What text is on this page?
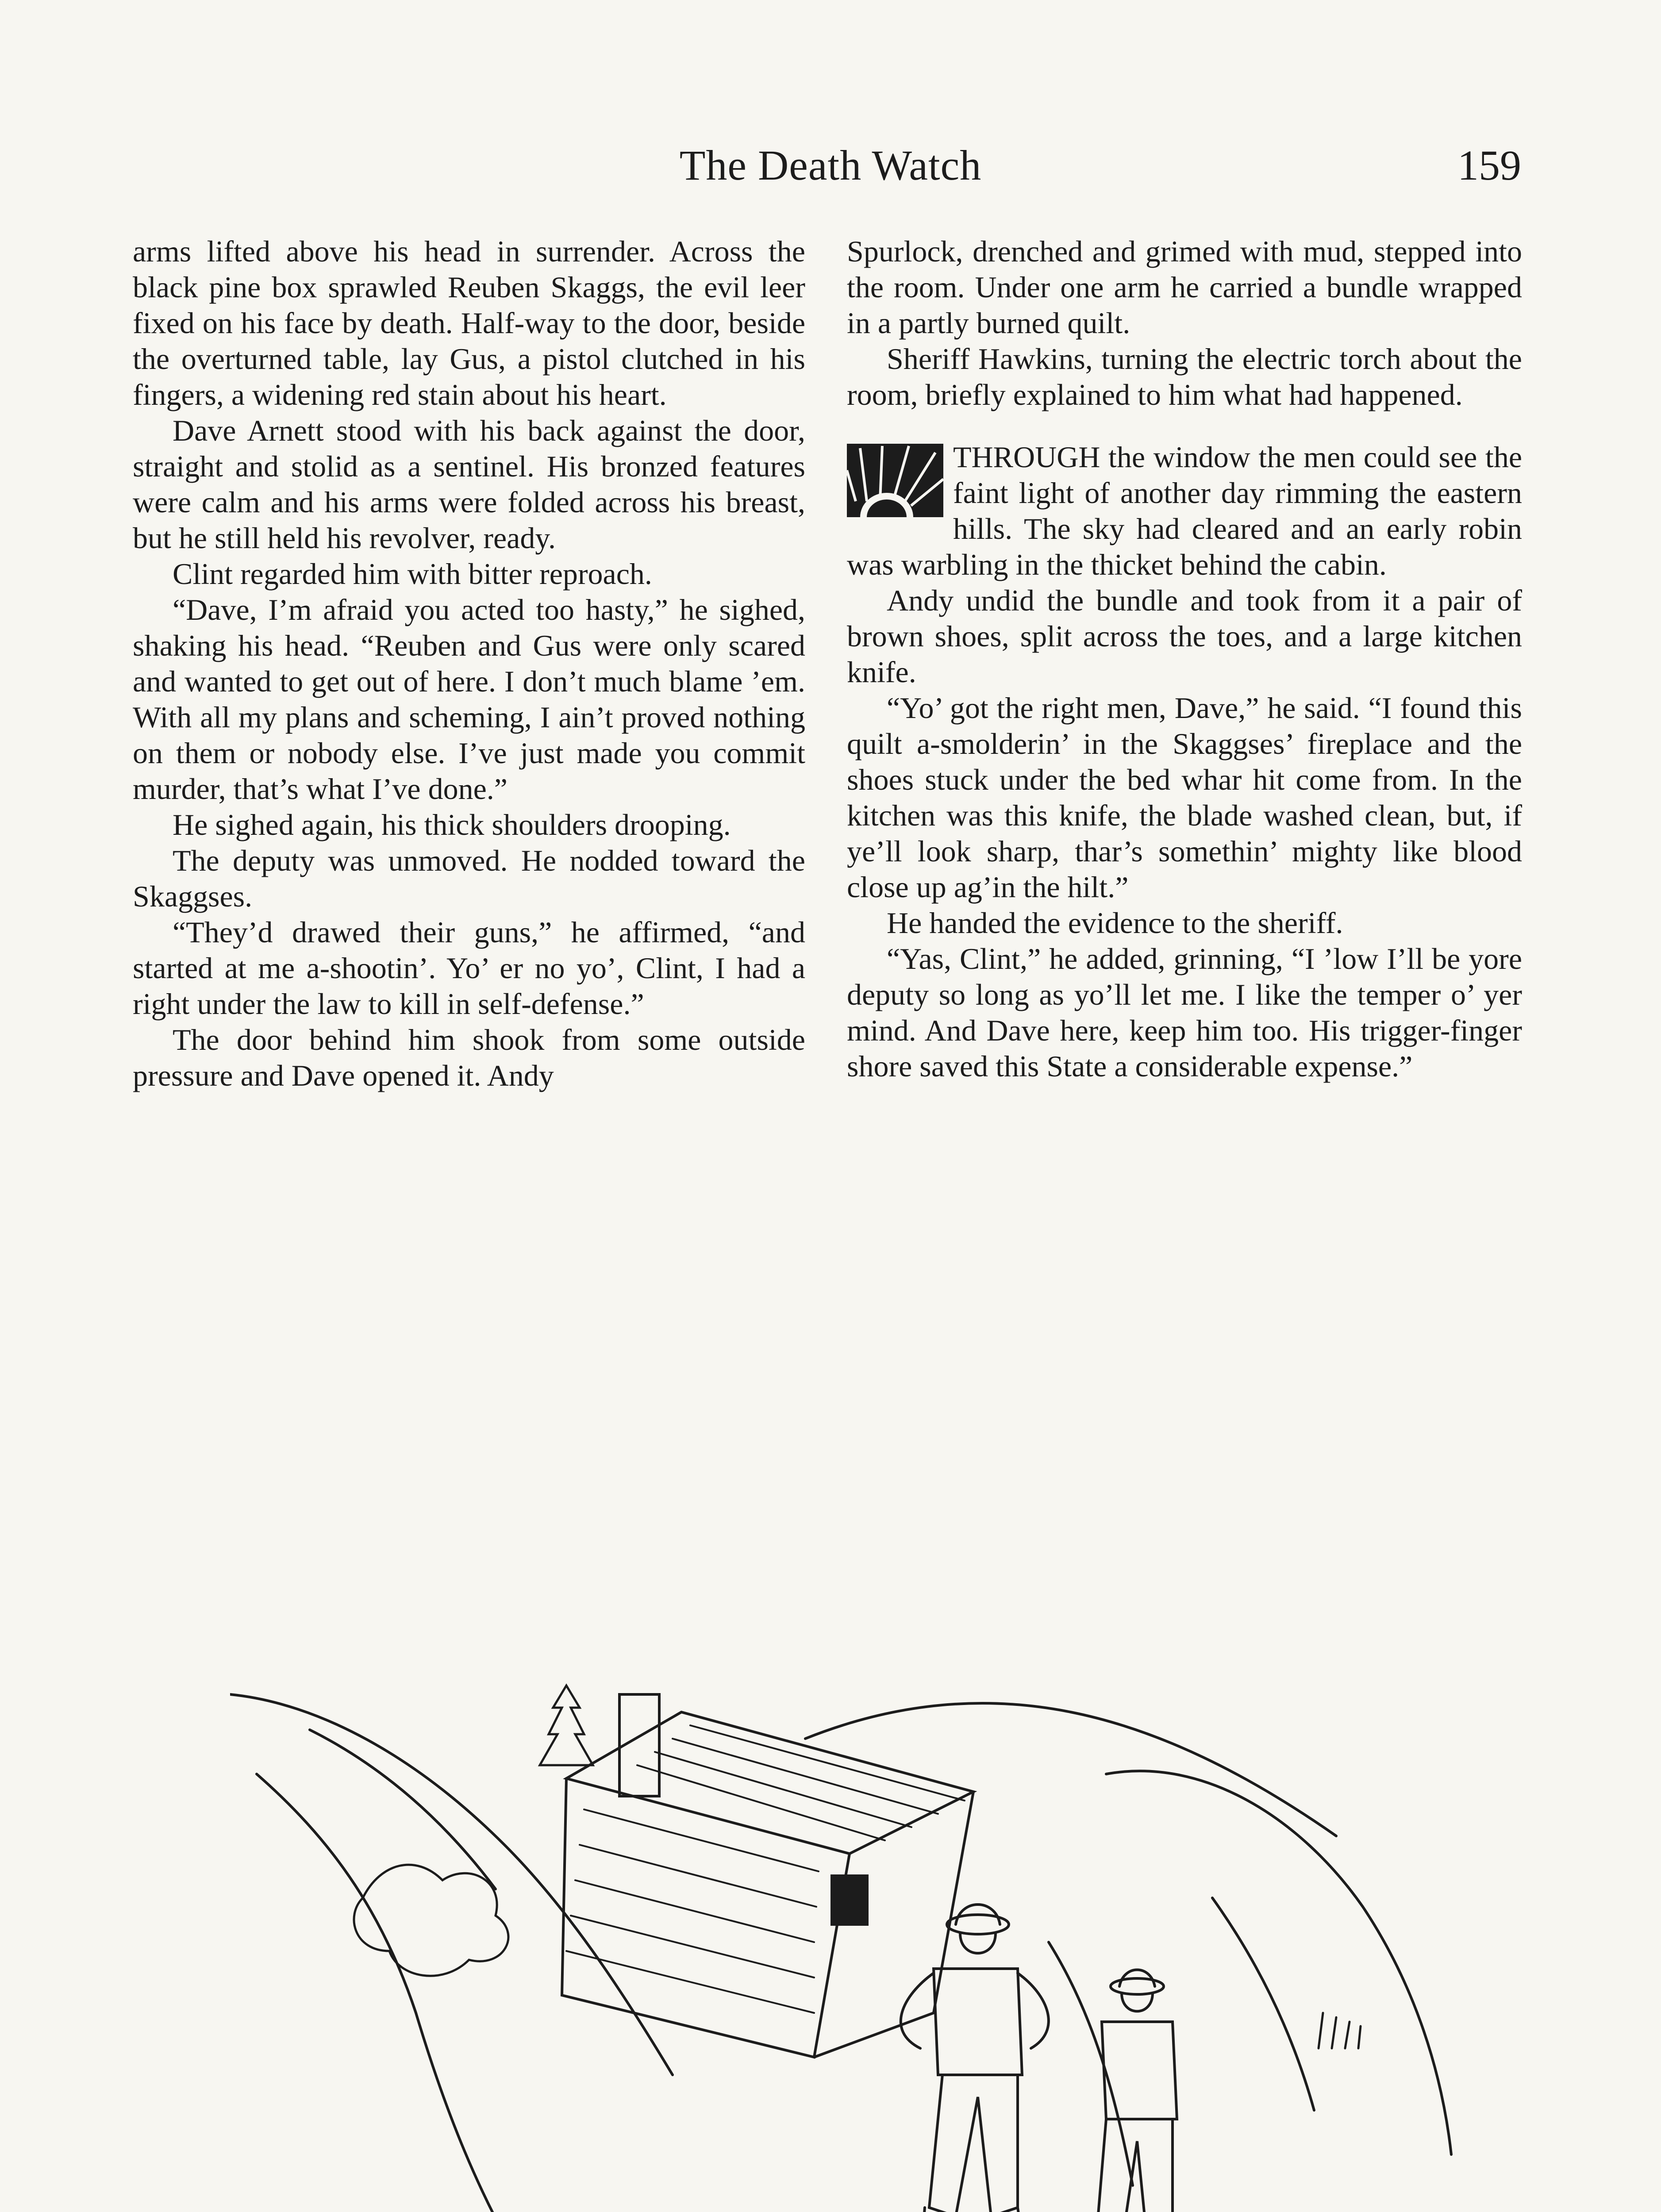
The Death Watch	159

arms lifted above his head in surrender. Across the black pine box sprawled Reuben Skaggs, the evil leer fixed on his face by death. Half-way to the door, beside the overturned table, lay Gus, a pistol clutched in his fingers, a widening red stain about his heart.

Dave Arnett stood with his back against the door, straight and stolid as a sentinel. His bronzed features were calm and his arms were folded across his breast, but he still held his revolver, ready.

Clint regarded him with bitter reproach.

“Dave, I’m afraid you acted too hasty,” he sighed, shaking his head. “Reuben and Gus were only scared and wanted to get out of here. I don’t much blame ’em. With all my plans and scheming, I ain’t proved nothing on them or nobody else. I’ve just made you commit murder, that’s what I’ve done.”

He sighed again, his thick shoulders drooping.

The deputy was unmoved. He nodded toward the Skaggses.

“They’d drawed their guns,” he affirmed, “and started at me a-shootin’. Yo’ er no yo’, Clint, I had a right under the law to kill in self-defense.”

The door behind him shook from some outside pressure and Dave opened it. Andy

Spurlock, drenched and grimed with mud, stepped into the room. Under one arm he carried a bundle wrapped in a partly burned quilt.

Sheriff Hawkins, turning the electric torch about the room, briefly explained to him what had happened.

THROUGH the window the men could see the faint light of another day rimming the eastern hills. The sky had cleared and an early robin was warbling in the thicket behind the cabin.

Andy undid the bundle and took from it a pair of brown shoes, split across the toes, and a large kitchen knife.

“Yo’ got the right men, Dave,” he said. “I found this quilt a-smolderin’ in the Skaggses’ fireplace and the shoes stuck under the bed whar hit come from. In the kitchen was this knife, the blade washed clean, but, if ye’ll look sharp, thar’s somethin’ mighty like blood close up ag’in the hilt.”

He handed the evidence to the sheriff.

“Yas, Clint,” he added, grinning, “I ’low I’ll be yore deputy so long as yo’ll let me. I like the temper o’ yer mind. And Dave here, keep him too. His trigger-finger shore saved this State a considerable expense.”
